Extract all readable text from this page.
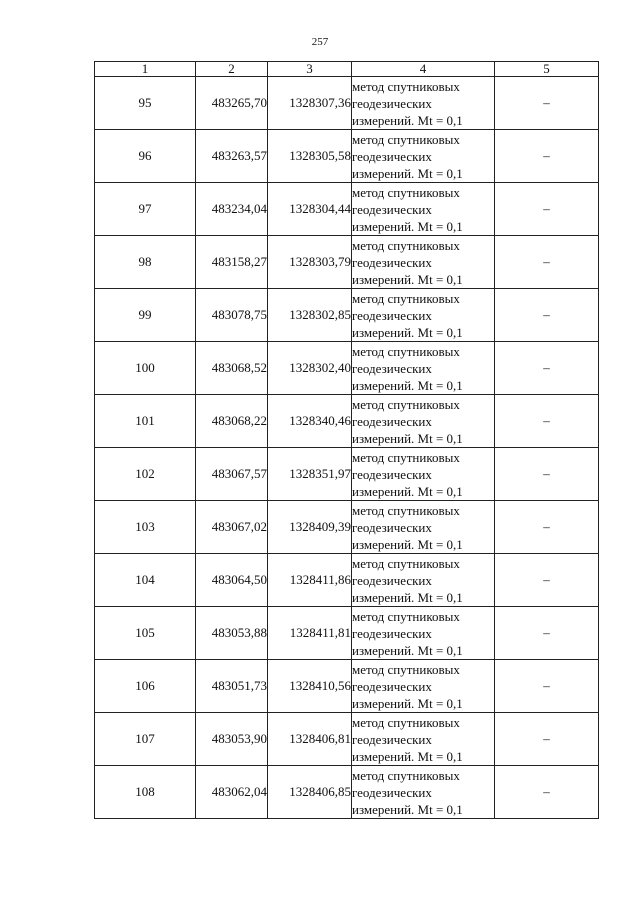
257
1	2	3	4	5
95	483265,70	1328307,36	метод спутниковых
геодезических
измерений. Mt = 0,1	–
96	483263,57	1328305,58	метод спутниковых
геодезических
измерений. Mt = 0,1	–
97	483234,04	1328304,44	метод спутниковых
геодезических
измерений. Mt = 0,1	–
98	483158,27	1328303,79	метод спутниковых
геодезических
измерений. Mt = 0,1	–
99	483078,75	1328302,85	метод спутниковых
геодезических
измерений. Mt = 0,1	–
100	483068,52	1328302,40	метод спутниковых
геодезических
измерений. Mt = 0,1	–
101	483068,22	1328340,46	метод спутниковых
геодезических
измерений. Mt = 0,1	–
102	483067,57	1328351,97	метод спутниковых
геодезических
измерений. Mt = 0,1	–
103	483067,02	1328409,39	метод спутниковых
геодезических
измерений. Mt = 0,1	–
104	483064,50	1328411,86	метод спутниковых
геодезических
измерений. Mt = 0,1	–
105	483053,88	1328411,81	метод спутниковых
геодезических
измерений. Mt = 0,1	–
106	483051,73	1328410,56	метод спутниковых
геодезических
измерений. Mt = 0,1	–
107	483053,90	1328406,81	метод спутниковых
геодезических
измерений. Mt = 0,1	–
108	483062,04	1328406,85	метод спутниковых
геодезических
измерений. Mt = 0,1	–
